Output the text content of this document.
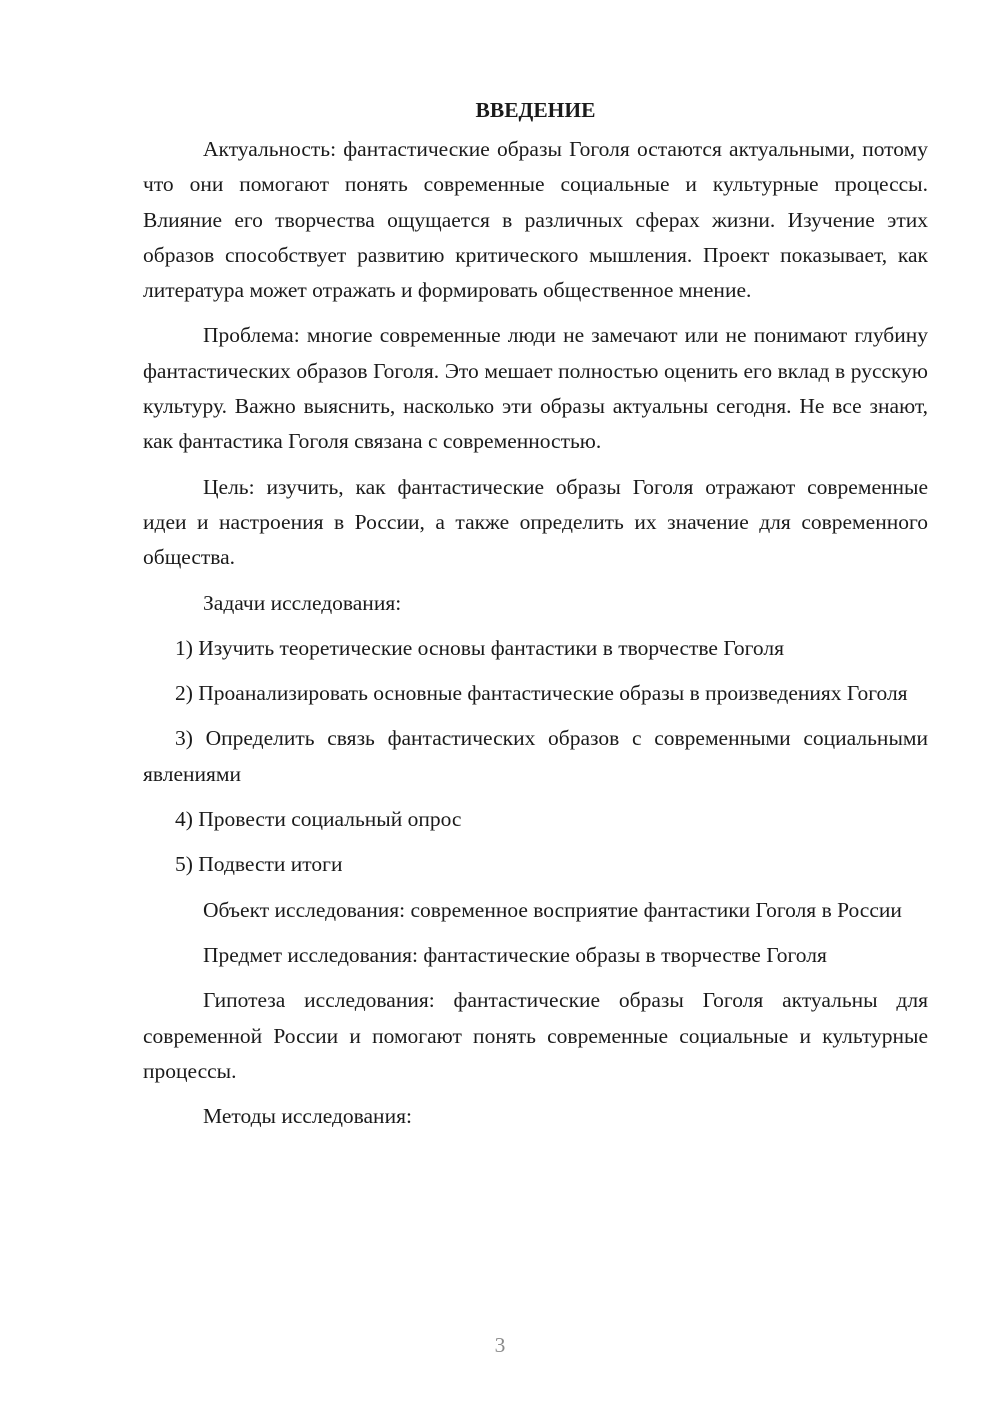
ВВЕДЕНИЕ

Актуальность: фантастические образы Гоголя остаются актуальными, потому что они помогают понять современные социальные и культурные процессы. Влияние его творчества ощущается в различных сферах жизни. Изучение этих образов способствует развитию критического мышления. Проект показывает, как литература может отражать и формировать общественное мнение.

Проблема: многие современные люди не замечают или не понимают глубину фантастических образов Гоголя. Это мешает полностью оценить его вклад в русскую культуру. Важно выяснить, насколько эти образы актуальны сегодня. Не все знают, как фантастика Гоголя связана с современностью.

Цель: изучить, как фантастические образы Гоголя отражают современные идеи и настроения в России, а также определить их значение для современного общества.

Задачи исследования:

1) Изучить теоретические основы фантастики в творчестве Гоголя

2) Проанализировать основные фантастические образы в произведениях Гоголя

3) Определить связь фантастических образов с современными социальными явлениями

4) Провести социальный опрос

5) Подвести итоги

Объект исследования: современное восприятие фантастики Гоголя в России

Предмет исследования: фантастические образы в творчестве Гоголя

Гипотеза исследования: фантастические образы Гоголя актуальны для современной России и помогают понять современные социальные и культурные процессы.

Методы исследования:

3
